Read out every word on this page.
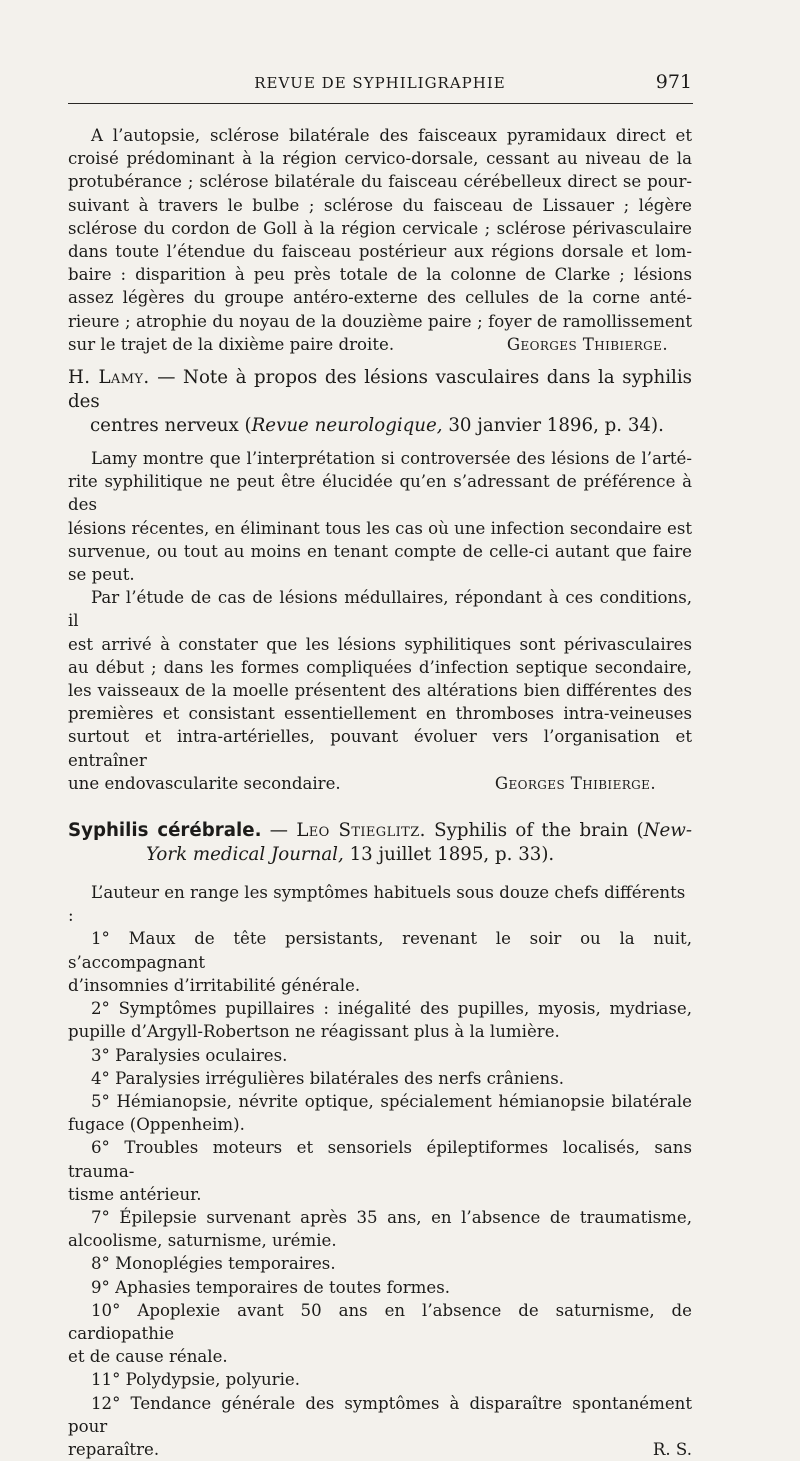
REVUE DE SYPHILIGRAPHIE	971

A l’autopsie, sclérose bilatérale des faisceaux pyramidaux direct et

croisé prédominant à la région cervico-dorsale, cessant au niveau de la

protubérance ; sclérose bilatérale du faisceau cérébelleux direct se pour-

suivant à travers le bulbe ; sclérose du faisceau de Lissauer ; légère

sclérose du cordon de Goll à la région cervicale ; sclérose périvasculaire

dans toute l’étendue du faisceau postérieur aux régions dorsale et lom-

baire : disparition à peu près totale de la colonne de Clarke ; lésions

assez légères du groupe antéro-externe des cellules de la corne anté-

rieure ; atrophie du noyau de la douzième paire ; foyer de ramollissement

sur le trajet de la dixième paire droite.	Georges Thibierge.
H. Lamy. — Note à propos des lésions vasculaires dans la syphilis des
centres nerveux (Revue neurologique, 30 janvier 1896, p. 34).

Lamy montre que l’interprétation si controversée des lésions de l’arté-

rite syphilitique ne peut être élucidée qu’en s’adressant de préférence à des

lésions récentes, en éliminant tous les cas où une infection secondaire est

survenue, ou tout au moins en tenant compte de celle-ci autant que faire

se peut.

Par l’étude de cas de lésions médullaires, répondant à ces conditions, il

est arrivé à constater que les lésions syphilitiques sont périvasculaires

au début ; dans les formes compliquées d’infection septique secondaire,

les vaisseaux de la moelle présentent des altérations bien différentes des

premières et consistant essentiellement en thromboses intra-veineuses

surtout et intra-artérielles, pouvant évoluer vers l’organisation et entraîner

une endovascularite secondaire.	Georges Thibierge.
Syphilis cérébrale. — Leo Stieglitz. Syphilis of the brain (New-
York medical Journal, 13 juillet 1895, p. 33).

L’auteur en range les symptômes habituels sous douze chefs différents :

1° Maux de tête persistants, revenant le soir ou la nuit, s’accompagnant

d’insomnies d’irritabilité générale.

2° Symptômes pupillaires : inégalité des pupilles, myosis, mydriase,

pupille d’Argyll-Robertson ne réagissant plus à la lumière.

3° Paralysies oculaires.

4° Paralysies irrégulières bilatérales des nerfs crâniens.

5° Hémianopsie, névrite optique, spécialement hémianopsie bilatérale

fugace (Oppenheim).

6° Troubles moteurs et sensoriels épileptiformes localisés, sans trauma-

tisme antérieur.

7° Épilepsie survenant après 35 ans, en l’absence de traumatisme,

alcoolisme, saturnisme, urémie.

8° Monoplégies temporaires.

9° Aphasies temporaires de toutes formes.

10° Apoplexie avant 50 ans en l’absence de saturnisme, de cardiopathie

et de cause rénale.

11° Polydypsie, polyurie.

12° Tendance générale des symptômes à disparaître spontanément pour

reparaître.	R. S.
